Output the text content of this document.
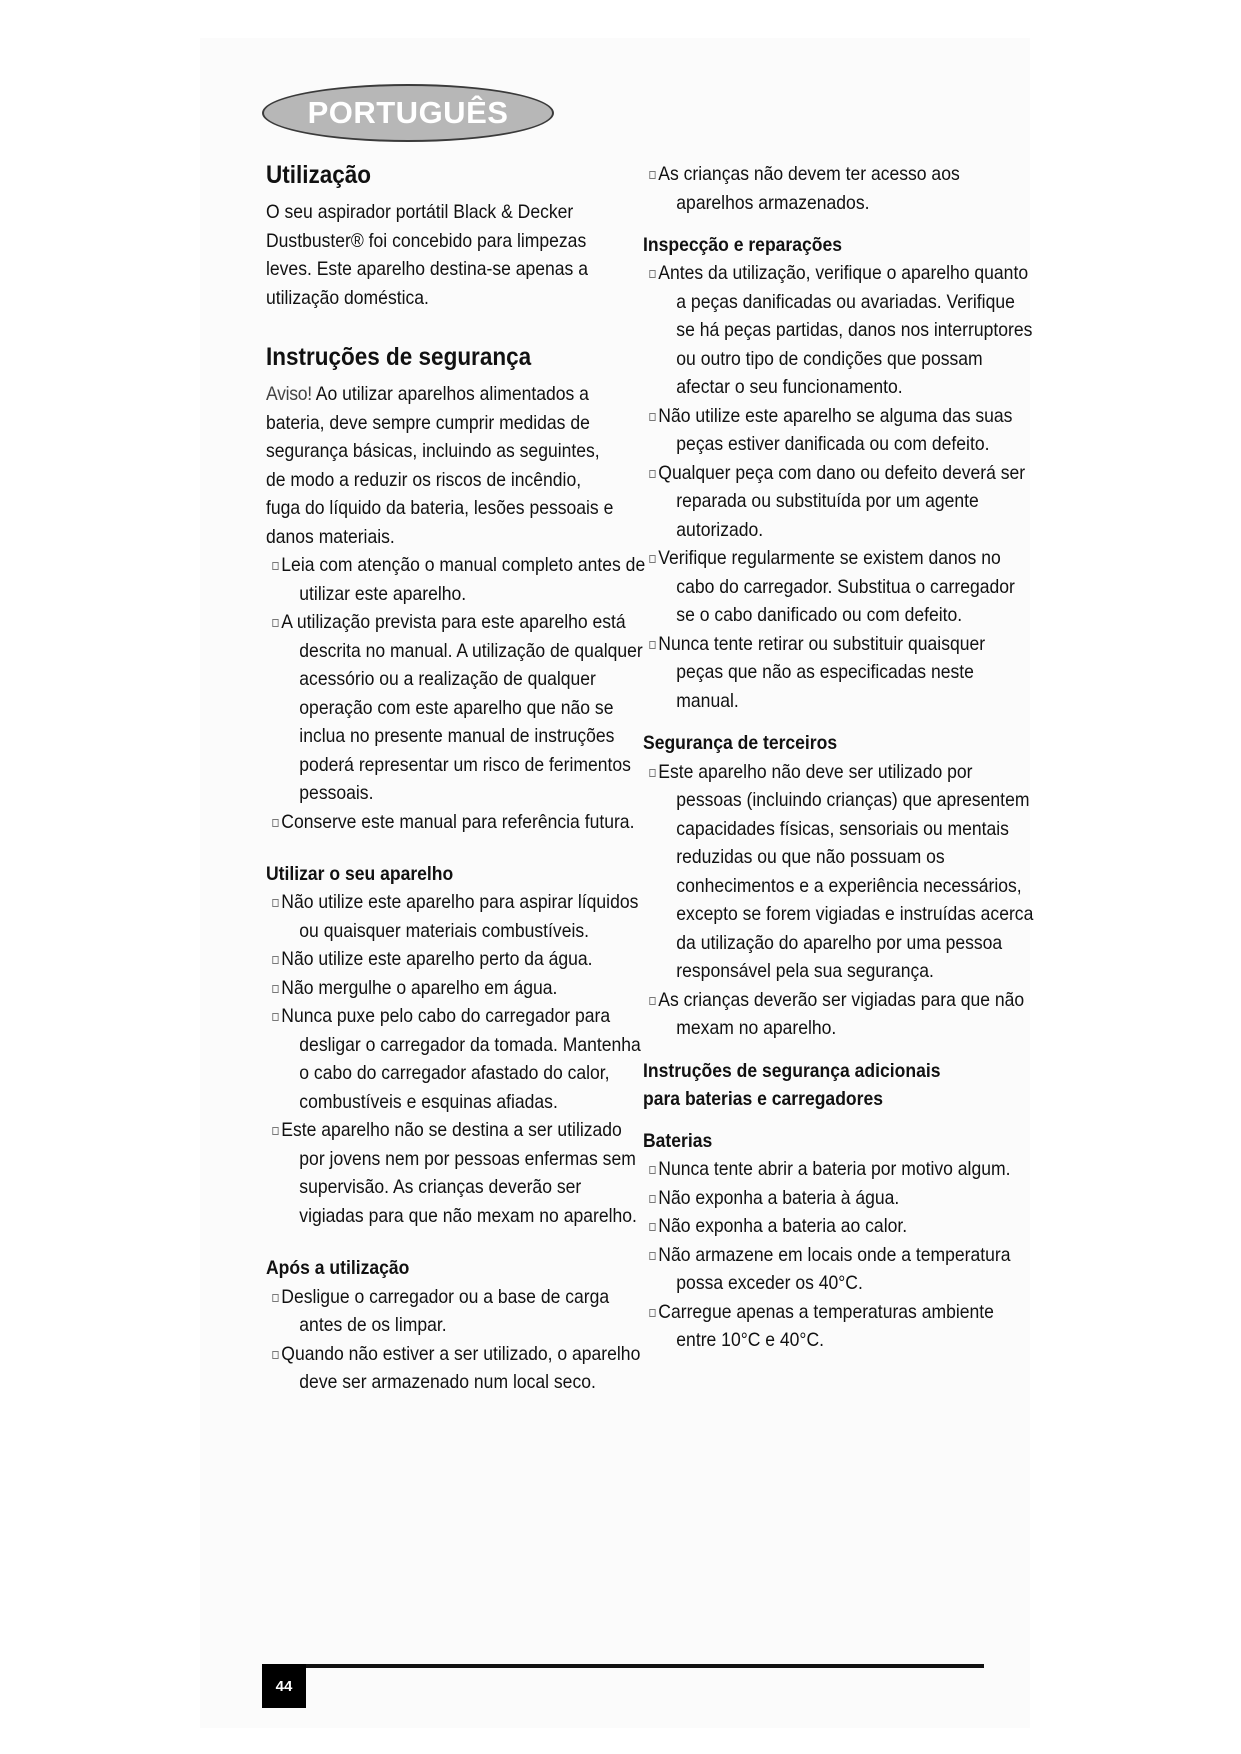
PORTUGUÊS
Utilização

O seu aspirador portátil Black & Decker Dustbuster® foi concebido para limpezas leves. Este aparelho destina-se apenas a utilização doméstica.

Instruções de segurança

Aviso! Ao utilizar aparelhos alimentados a bateria, deve sempre cumprir medidas de segurança básicas, incluindo as seguintes, de modo a reduzir os riscos de incêndio, fuga do líquido da bateria, lesões pessoais e danos materiais.

Leia com atenção o manual completo antes de utilizar este aparelho.
A utilização prevista para este aparelho está descrita no manual. A utilização de qualquer acessório ou a realização de qualquer operação com este aparelho que não se inclua no presente manual de instruções poderá representar um risco de ferimentos pessoais.
Conserve este manual para referência futura.
Utilizar o seu aparelho
Não utilize este aparelho para aspirar líquidos ou quaisquer materiais combustíveis.
Não utilize este aparelho perto da água.
Não mergulhe o aparelho em água.
Nunca puxe pelo cabo do carregador para desligar o carregador da tomada. Mantenha o cabo do carregador afastado do calor, combustíveis e esquinas afiadas.
Este aparelho não se destina a ser utilizado por jovens nem por pessoas enfermas sem supervisão. As crianças deverão ser vigiadas para que não mexam no aparelho.
Após a utilização
Desligue o carregador ou a base de carga antes de os limpar.
Quando não estiver a ser utilizado, o aparelho deve ser armazenado num local seco.
As crianças não devem ter acesso aos aparelhos armazenados.
Inspecção e reparações
Antes da utilização, verifique o aparelho quanto a peças danificadas ou avariadas. Verifique se há peças partidas, danos nos interruptores ou outro tipo de condições que possam afectar o seu funcionamento.
Não utilize este aparelho se alguma das suas peças estiver danificada ou com defeito.
Qualquer peça com dano ou defeito deverá ser reparada ou substituída por um agente autorizado.
Verifique regularmente se existem danos no cabo do carregador. Substitua o carregador se o cabo danificado ou com defeito.
Nunca tente retirar ou substituir quaisquer peças que não as especificadas neste manual.
Segurança de terceiros
Este aparelho não deve ser utilizado por pessoas (incluindo crianças) que apresentem capacidades físicas, sensoriais ou mentais reduzidas ou que não possuam os conhecimentos e a experiência necessários, excepto se forem vigiadas e instruídas acerca da utilização do aparelho por uma pessoa responsável pela sua segurança.
As crianças deverão ser vigiadas para que não mexam no aparelho.
Instruções de segurança adicionais
para baterias e carregadores
Baterias
Nunca tente abrir a bateria por motivo algum.
Não exponha a bateria à água.
Não exponha a bateria ao calor.
Não armazene em locais onde a temperatura possa exceder os 40°C.
Carregue apenas a temperaturas ambiente entre 10°C e 40°C.
44
